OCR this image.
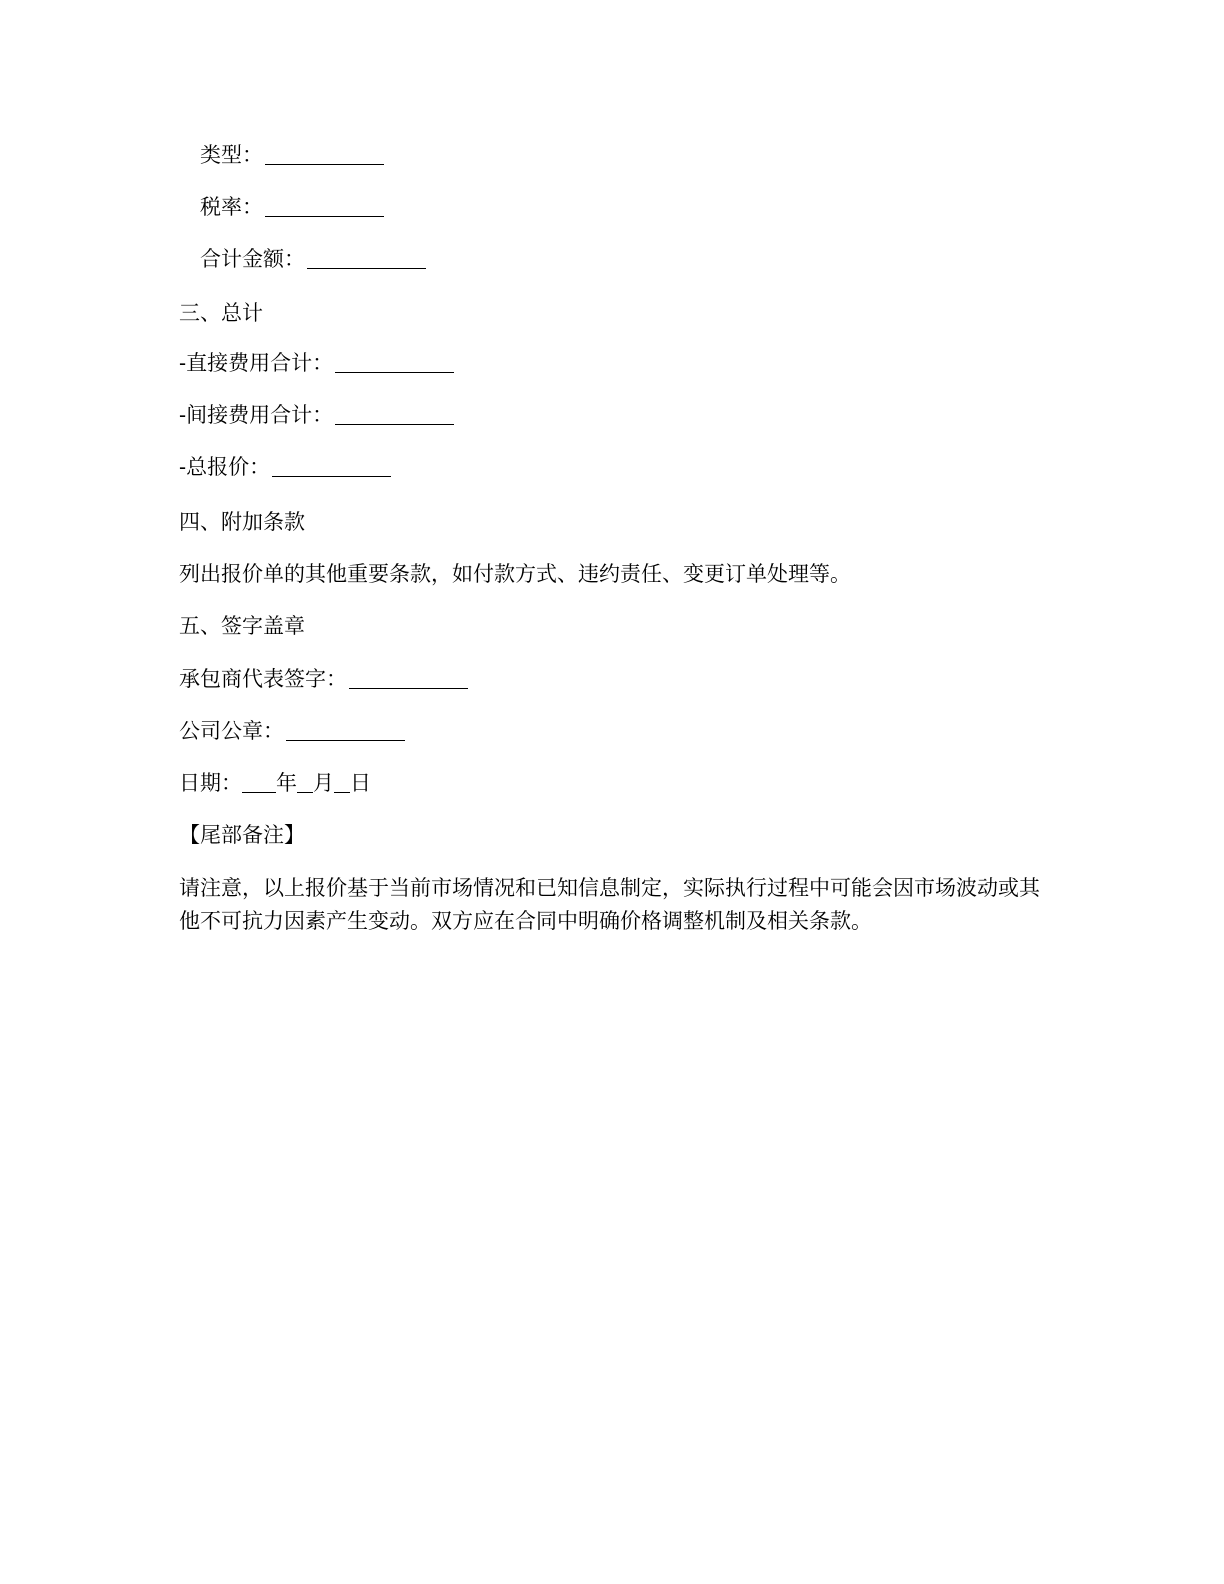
类型：
税率：
合计金额：
三、总计
-直接费用合计：
-间接费用合计：
-总报价：
四、附加条款
列出报价单的其他重要条款，如付款方式、违约责任、变更订单处理等。
五、签字盖章
承包商代表签字：
公司公章：
日期： 年 月 日
【尾部备注】
请注意，以上报价基于当前市场情况和已知信息制定，实际执行过程中可能会因市场波动或其他不可抗力因素产生变动。双方应在合同中明确价格调整机制及相关条款。
